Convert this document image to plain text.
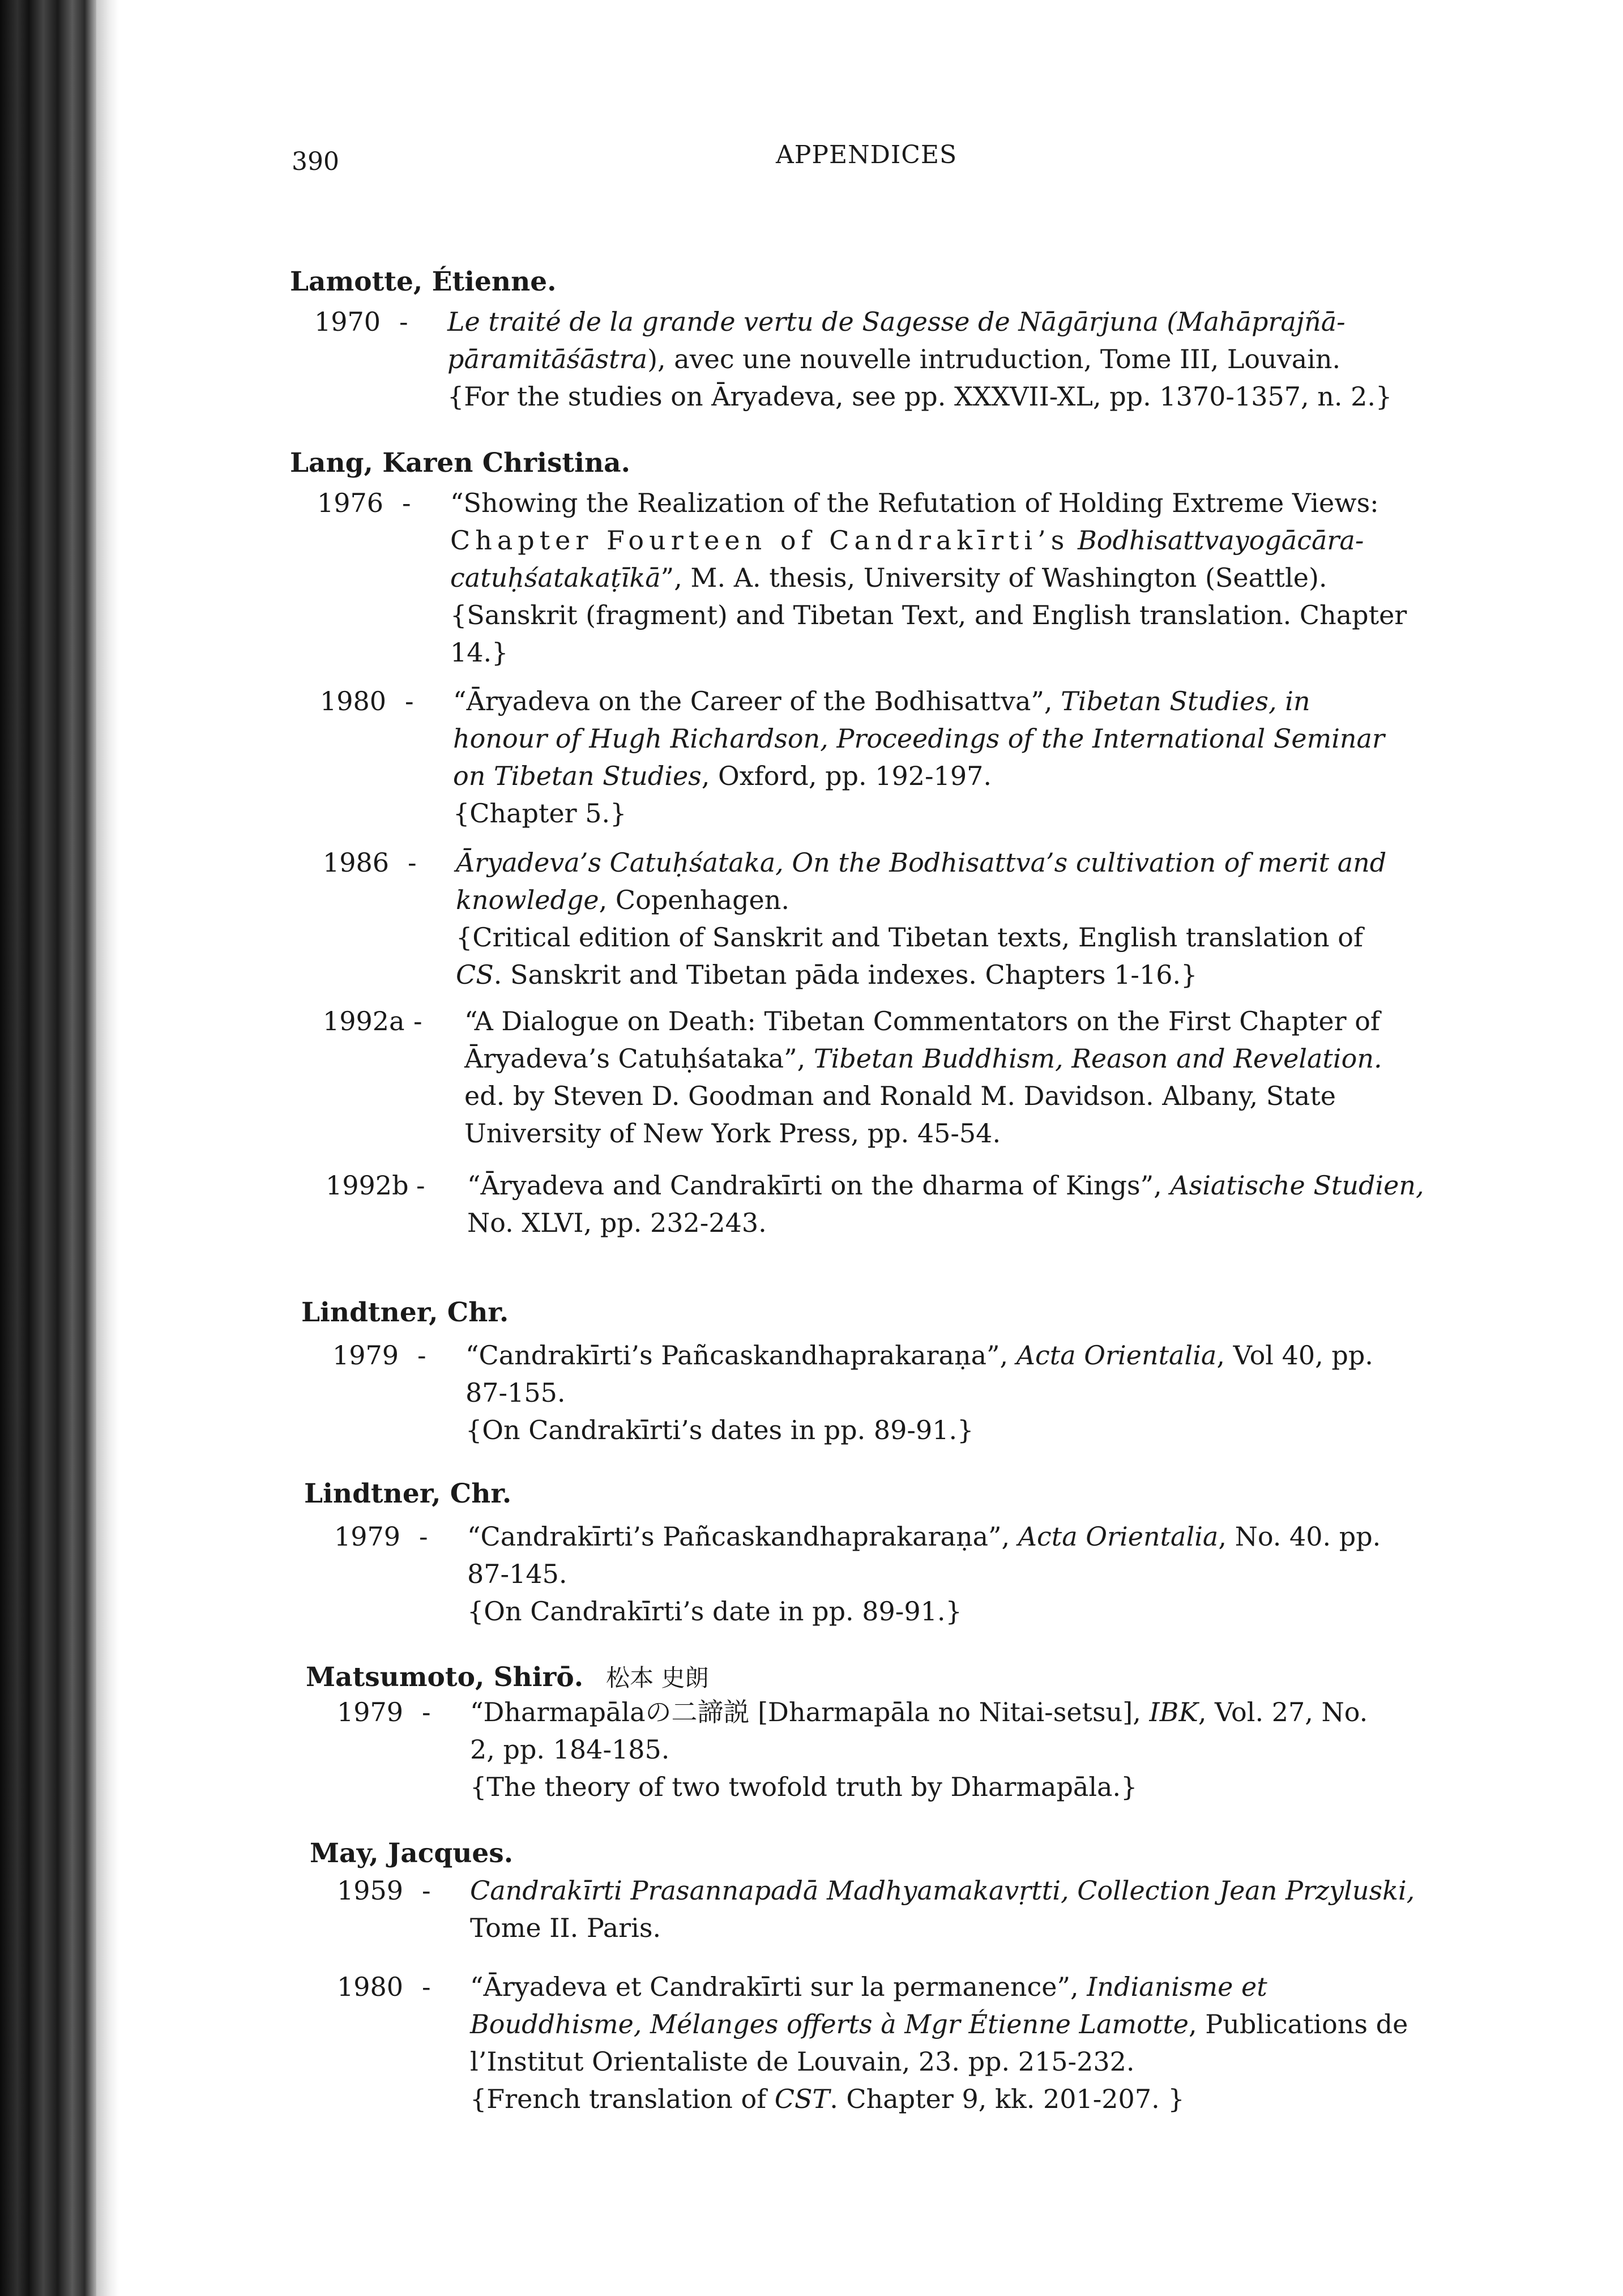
390	APPENDICES
Lamotte, Étienne.
Lang, Karen Christina.
Lindtner, Chr.
Lindtner, Chr.
Matsumoto, Shirō. 松本 史朗
May, Jacques.
1970 - Le traité de la grande vertu de Sagesse de Nāgārjuna (Mahāprajñā-
pāramitāśāstra), avec une nouvelle intruduction, Tome III, Louvain.
{For the studies on Āryadeva, see pp. XXXVII-XL, pp. 1370-1357, n. 2.}
1976 - “Showing the Realization of the Refutation of Holding Extreme Views:
Chapter Fourteen of Candrakīrti’s Bodhisattvayogācāra-
catuḥśatakaṭīkā”, M. A. thesis, University of Washington (Seattle).
{Sanskrit (fragment) and Tibetan Text, and English translation. Chapter
14.}
1980 - “Āryadeva on the Career of the Bodhisattva”, Tibetan Studies, in
honour of Hugh Richardson, Proceedings of the International Seminar
on Tibetan Studies, Oxford, pp. 192-197.
{Chapter 5.}
1986 - Āryadeva’s Catuḥśataka, On the Bodhisattva’s cultivation of merit and
knowledge, Copenhagen.
{Critical edition of Sanskrit and Tibetan texts, English translation of
CS. Sanskrit and Tibetan pāda indexes. Chapters 1-16.}
1992a - “A Dialogue on Death: Tibetan Commentators on the First Chapter of
Āryadeva’s Catuḥśataka”, Tibetan Buddhism, Reason and Revelation.
ed. by Steven D. Goodman and Ronald M. Davidson. Albany, State
University of New York Press, pp. 45-54.
1992b - “Āryadeva and Candrakīrti on the dharma of Kings”, Asiatische Studien,
No. XLVI, pp. 232-243.
1979 - “Candrakīrti’s Pañcaskandhaprakaraṇa”, Acta Orientalia, Vol 40, pp.
87-155.
{On Candrakīrti’s dates in pp. 89-91.}
1979 - “Candrakīrti’s Pañcaskandhaprakaraṇa”, Acta Orientalia, No. 40. pp.
87-145.
{On Candrakīrti’s date in pp. 89-91.}
1979 - “Dharmapālaの二諦説 [Dharmapāla no Nitai-setsu], IBK, Vol. 27, No.
2, pp. 184-185.
{The theory of two twofold truth by Dharmapāla.}
1959 - Candrakīrti Prasannapadā Madhyamakavṛtti, Collection Jean Przyluski,
Tome II. Paris.
1980 - “Āryadeva et Candrakīrti sur la permanence”, Indianisme et
Bouddhisme, Mélanges offerts à Mgr Étienne Lamotte, Publications de
l’Institut Orientaliste de Louvain, 23. pp. 215-232.
{French translation of CST. Chapter 9, kk. 201-207. }
